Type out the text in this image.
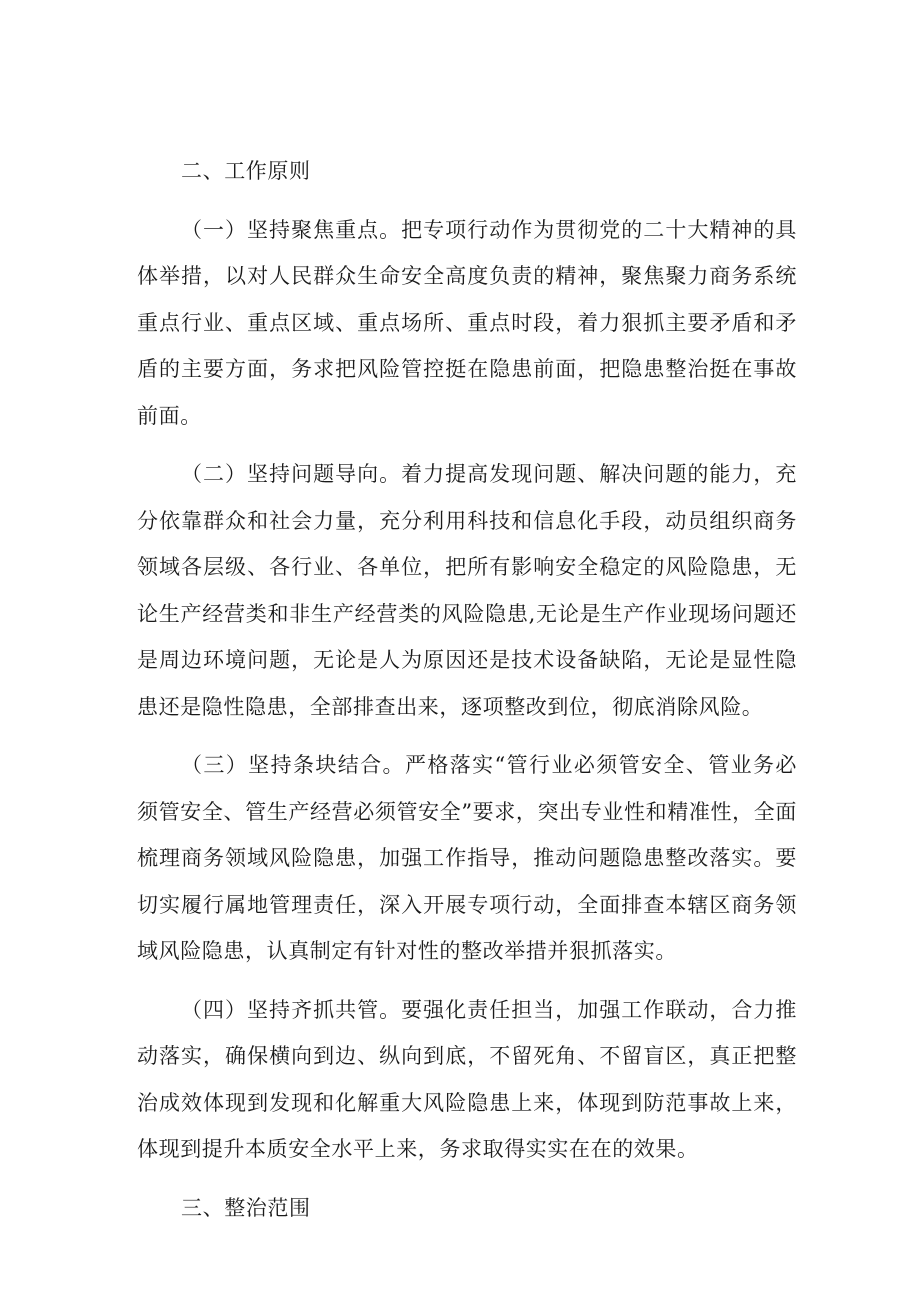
二、工作原则

（一）坚持聚焦重点。把专项行动作为贯彻党的二十大精神的具体举措，以对人民群众生命安全高度负责的精神，聚焦聚力商务系统重点行业、重点区域、重点场所、重点时段，着力狠抓主要矛盾和矛盾的主要方面，务求把风险管控挺在隐患前面，把隐患整治挺在事故前面。

（二）坚持问题导向。着力提高发现问题、解决问题的能力，充分依靠群众和社会力量，充分利用科技和信息化手段，动员组织商务领域各层级、各行业、各单位，把所有影响安全稳定的风险隐患，无论生产经营类和非生产经营类的风险隐患,无论是生产作业现场问题还是周边环境问题，无论是人为原因还是技术设备缺陷，无论是显性隐患还是隐性隐患，全部排查出来，逐项整改到位，彻底消除风险。

（三）坚持条块结合。严格落实“管行业必须管安全、管业务必须管安全、管生产经营必须管安全”要求，突出专业性和精准性，全面梳理商务领域风险隐患，加强工作指导，推动问题隐患整改落实。要切实履行属地管理责任，深入开展专项行动，全面排查本辖区商务领域风险隐患，认真制定有针对性的整改举措并狠抓落实。

（四）坚持齐抓共管。要强化责任担当，加强工作联动，合力推动落实，确保横向到边、纵向到底，不留死角、不留盲区，真正把整治成效体现到发现和化解重大风险隐患上来，体现到防范事故上来，体现到提升本质安全水平上来，务求取得实实在在的效果。

三、整治范围
